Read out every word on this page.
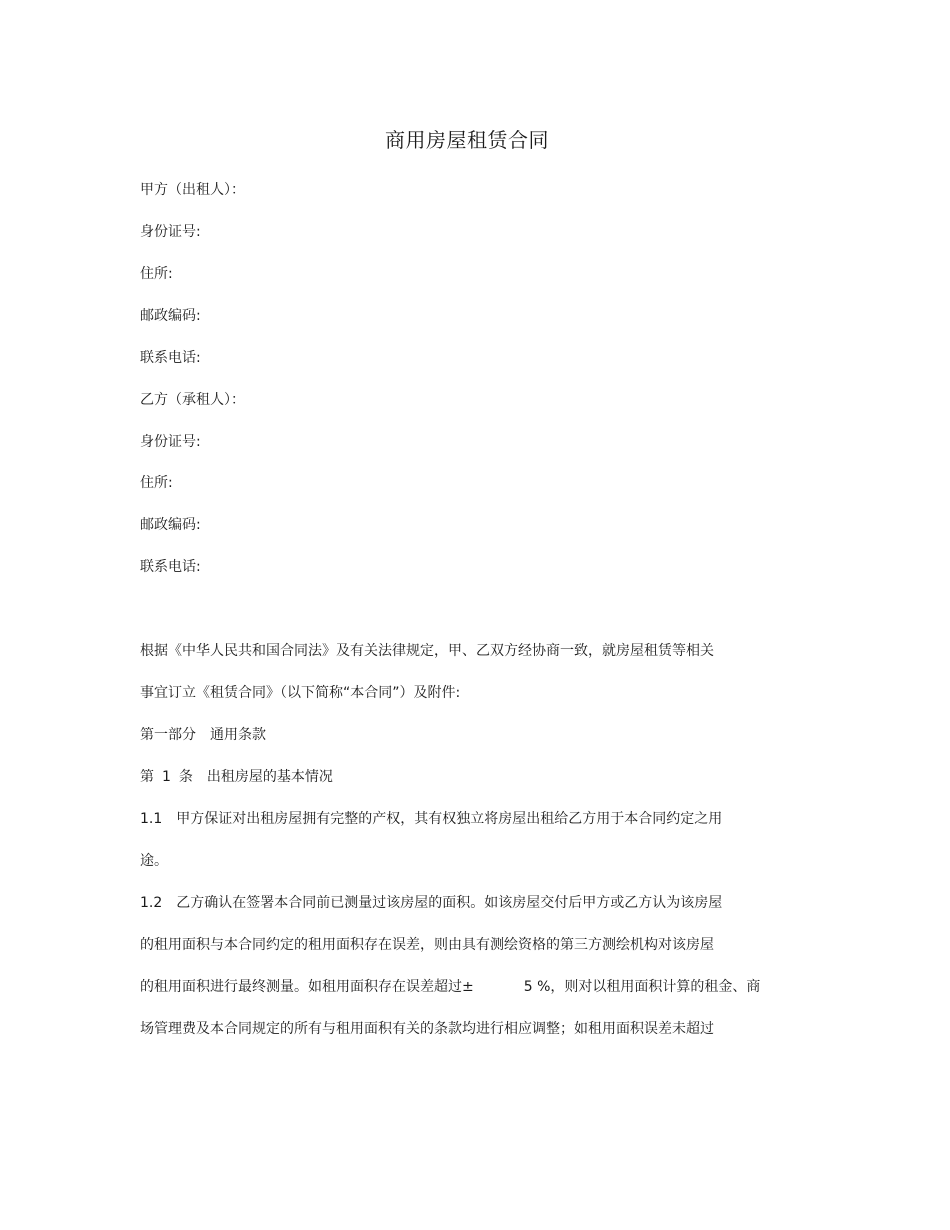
商用房屋租赁合同
甲方（出租人）：
身份证号:
住所:
邮政编码:
联系电话:
乙方（承租人）：
身份证号:
住所:
邮政编码:
联系电话:
根据《中华人民共和国合同法》及有关法律规定，甲、乙双方经协商一致，就房屋租赁等相关
事宜订立《租赁合同》（以下简称“本合同”）及附件:
第一部分 通用条款
第 1 条 出租房屋的基本情况
1.1 甲方保证对出租房屋拥有完整的产权，其有权独立将房屋出租给乙方用于本合同约定之用
途。
1.2 乙方确认在签署本合同前已测量过该房屋的面积。如该房屋交付后甲方或乙方认为该房屋
的租用面积与本合同约定的租用面积存在误差，则由具有测绘资格的第三方测绘机构对该房屋
的租用面积进行最终测量。如租用面积存在误差超过±	5 %，则对以租用面积计算的租金、商
场管理费及本合同规定的所有与租用面积有关的条款均进行相应调整；如租用面积误差未超过
